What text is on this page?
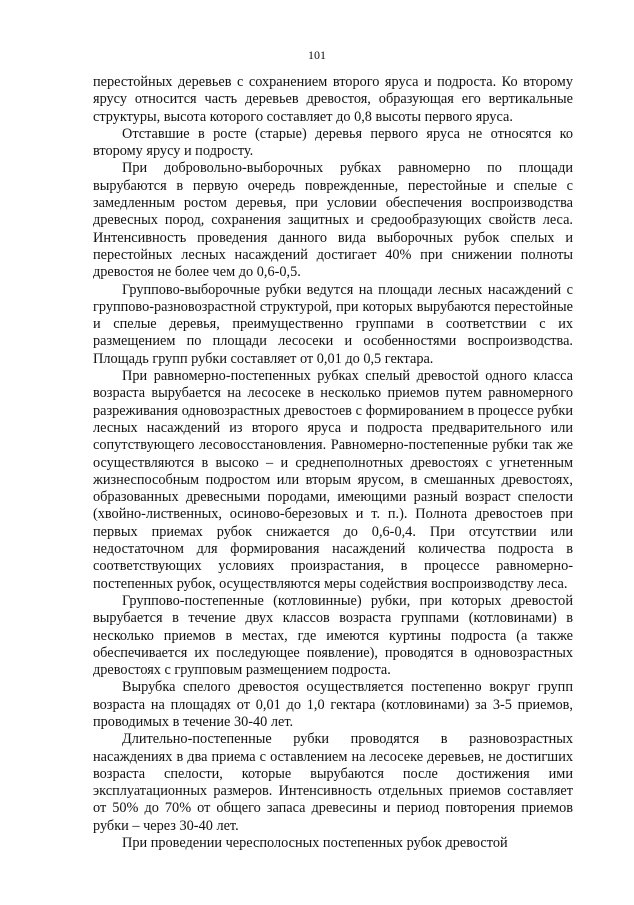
101

перестойных деревьев с сохранением второго яруса и подроста. Ко второму ярусу относится часть деревьев древостоя, образующая его вертикальные структуры, высота которого составляет до 0,8 высоты первого яруса.

Отставшие в росте (старые) деревья первого яруса не относятся ко второму ярусу и подросту.

При добровольно-выборочных рубках равномерно по площади вырубаются в первую очередь поврежденные, перестойные и спелые с замедленным ростом деревья, при условии обеспечения воспроизводства древесных пород, сохранения защитных и средообразующих свойств леса. Интенсивность проведения данного вида выборочных рубок спелых и перестойных лесных насаждений достигает 40% при снижении полноты древостоя не более чем до 0,6-0,5.

Группово-выборочные рубки ведутся на площади лесных насаждений с группово-разновозрастной структурой, при которых вырубаются перестойные и спелые деревья, преимущественно группами в соответствии с их размещением по площади лесосеки и особенностями воспроизводства. Площадь групп рубки составляет от 0,01 до 0,5 гектара.

При равномерно-постепенных рубках спелый древостой одного класса возраста вырубается на лесосеке в несколько приемов путем равномерного разреживания одновозрастных древостоев с формированием в процессе рубки лесных насаждений из второго яруса и подроста предварительного или сопутствующего лесовосстановления. Равномерно-постепенные рубки так же осуществляются в высоко – и среднеполнотных древостоях с угнетенным жизнеспособным подростом или вторым ярусом, в смешанных древостоях, образованных древесными породами, имеющими разный возраст спелости (хвойно-лиственных, осиново-березовых и т. п.). Полнота древостоев при первых приемах рубок снижается до 0,6-0,4. При отсутствии или недостаточном для формирования насаждений количества подроста в соответствующих условиях произрастания, в процессе равномерно-постепенных рубок, осуществляются меры содействия воспроизводству леса.

Группово-постепенные (котловинные) рубки, при которых древостой вырубается в течение двух классов возраста группами (котловинами) в несколько приемов в местах, где имеются куртины подроста (а также обеспечивается их последующее появление), проводятся в одновозрастных древостоях с групповым размещением подроста.

Вырубка спелого древостоя осуществляется постепенно вокруг групп возраста на площадях от 0,01 до 1,0 гектара (котловинами) за 3-5 приемов, проводимых в течение 30-40 лет.

Длительно-постепенные рубки проводятся в разновозрастных насаждениях в два приема с оставлением на лесосеке деревьев, не достигших возраста спелости, которые вырубаются после достижения ими эксплуатационных размеров. Интенсивность отдельных приемов составляет от 50% до 70% от общего запаса древесины и период повторения приемов рубки – через 30-40 лет.

При проведении чересполосных постепенных рубок древостой
